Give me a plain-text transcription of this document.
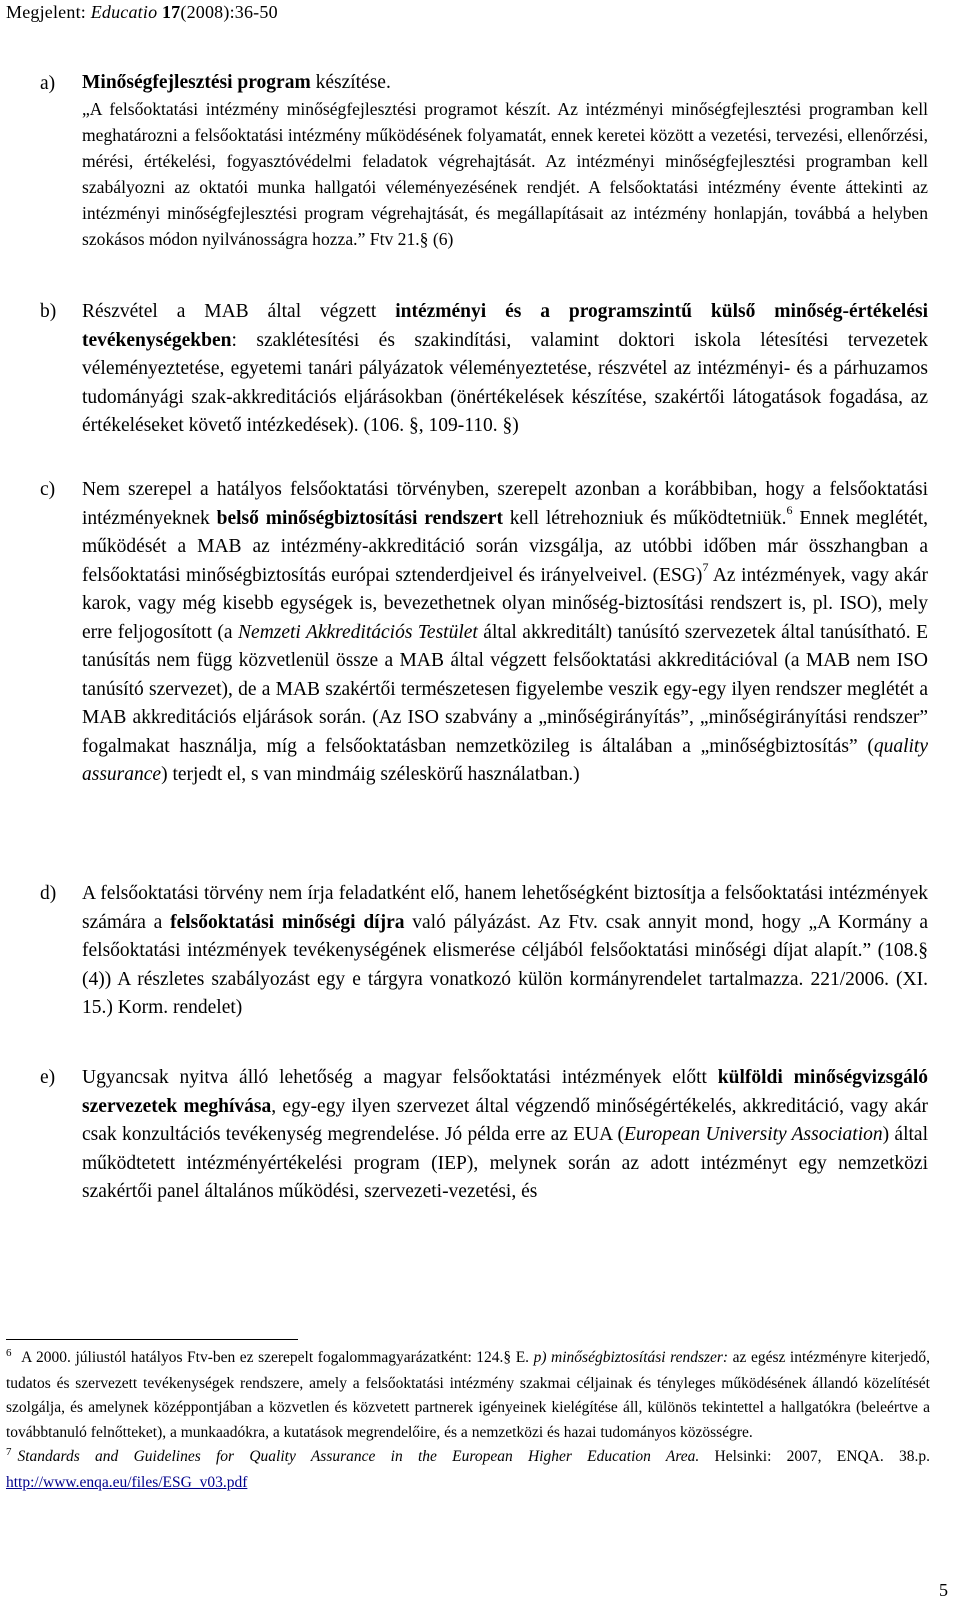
Megjelent: Educatio 17(2008):36-50
a) Minőségfejlesztési program készítése.
„A felsőoktatási intézmény minőségfejlesztési programot készít. Az intézményi minőségfejlesztési programban kell meghatározni a felsőoktatási intézmény működésének folyamatát, ennek keretei között a vezetési, tervezési, ellenőrzési, mérési, értékelési, fogyasztóvédelmi feladatok végrehajtását. Az intézményi minőségfejlesztési programban kell szabályozni az oktatói munka hallgatói véleményezésének rendjét. A felsőoktatási intézmény évente áttekinti az intézményi minőségfejlesztési program végrehajtását, és megállapításait az intézmény honlapján, továbbá a helyben szokásos módon nyilvánosságra hozza.” Ftv 21.§ (6)
b) Részvétel a MAB által végzett intézményi és a programszintű külső minőség-értékelési tevékenységekben: szaklétesítési és szakindítási, valamint doktori iskola létesítési tervezetek véleményeztetése, egyetemi tanári pályázatok véleményeztetése, részvétel az intézményi- és a párhuzamos tudományági szak-akkreditációs eljárásokban (önértékelések készítése, szakértői látogatások fogadása, az értékeléseket követő intézkedések). (106. §, 109-110. §)
c) Nem szerepel a hatályos felsőoktatási törvényben, szerepelt azonban a korábbiban, hogy a felsőoktatási intézményeknek belső minőségbiztosítási rendszert kell létrehozniuk és működtetniük.$^6$ Ennek meglétét, működését a MAB az intézmény-akkreditáció során vizsgálja, az utóbbi időben már összhangban a felsőoktatási minőségbiztosítás európai sztenderdjeivel és irányelveivel. (ESG)$^7$ Az intézmények, vagy akár karok, vagy még kisebb egységek is, bevezethetnek olyan minőség-biztosítási rendszert is, pl. ISO), mely erre feljogosított (a Nemzeti Akkreditációs Testület által akkreditált) tanúsító szervezetek által tanúsítható. E tanúsítás nem függ közvetlenül össze a MAB által végzett felsőoktatási akkreditációval (a MAB nem ISO tanúsító szervezet), de a MAB szakértői természetesen figyelembe veszik egy-egy ilyen rendszer meglétét a MAB akkreditációs eljárások során. (Az ISO szabvány a „minőségirányítás”, „minőségirányítási rendszer” fogalmakat használja, míg a felsőoktatásban nemzetközileg is általában a „minőségbiztosítás” (quality assurance) terjedt el, s van mindmáig széleskörű használatban.)
d) A felsőoktatási törvény nem írja feladatként elő, hanem lehetőségként biztosítja a felsőoktatási intézmények számára a felsőoktatási minőségi díjra való pályázást. Az Ftv. csak annyit mond, hogy „A Kormány a felsőoktatási intézmények tevékenységének elismerése céljából felsőoktatási minőségi díjat alapít.” (108.§ (4)) A részletes szabályozást egy e tárgyra vonatkozó külön kormányrendelet tartalmazza. 221/2006. (XI. 15.) Korm. rendelet)
e) Ugyancsak nyitva álló lehetőség a magyar felsőoktatási intézmények előtt külföldi minőségvizsgáló szervezetek meghívása, egy-egy ilyen szervezet által végzendő minőségértékelés, akkreditáció, vagy akár csak konzultációs tevékenység megrendelése. Jó példa erre az EUA (European University Association) által működtetett intézményértékelési program (IEP), melynek során az adott intézményt egy nemzetközi szakértői panel általános működési, szervezeti-vezetési, és

$^6$ A 2000. júliustól hatályos Ftv-ben ez szerepelt fogalommagyarázatként: 124.§ E. p) minőségbiztosítási rendszer: az egész intézményre kiterjedő, tudatos és szervezett tevékenységek rendszere, amely a felsőoktatási intézmény szakmai céljainak és tényleges működésének állandó közelítését szolgálja, és amelynek középpontjában a közvetlen és közvetett partnerek igényeinek kielégítése áll, különös tekintettel a hallgatókra (beleértve a továbbtanuló felnőtteket), a munkaadókra, a kutatások megrendelőire, és a nemzetközi és hazai tudományos közösségre.

$^7$ Standards and Guidelines for Quality Assurance in the European Higher Education Area. Helsinki: 2007, ENQA. 38.p. http://www.enqa.eu/files/ESG_v03.pdf

5
